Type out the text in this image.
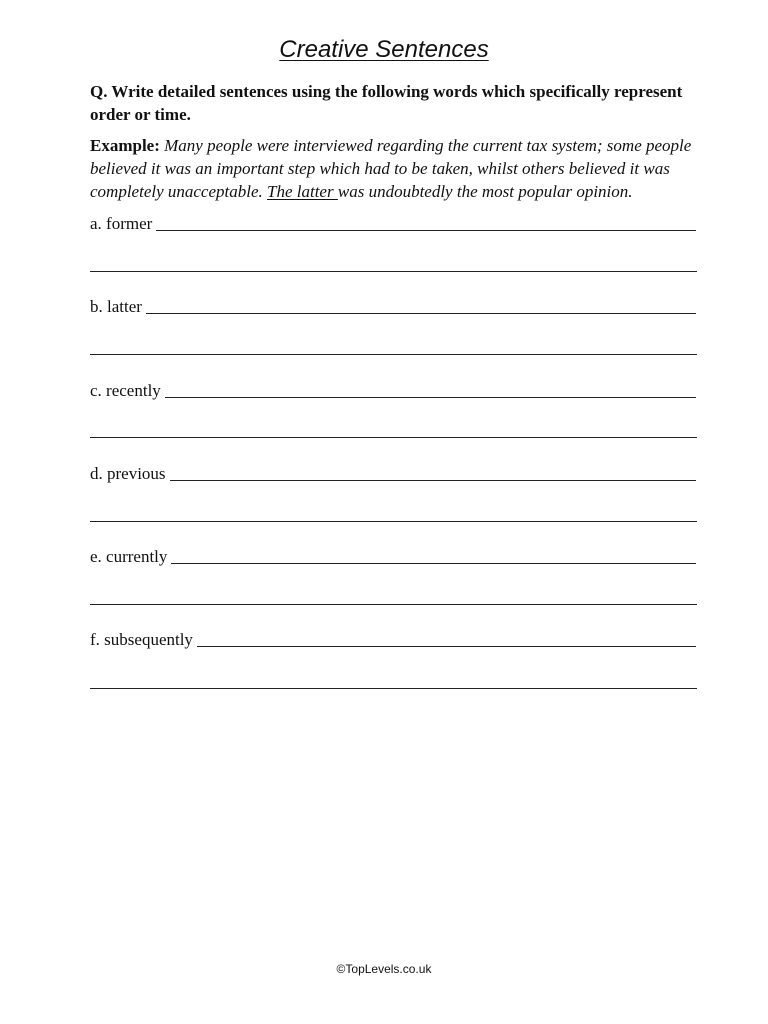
Creative Sentences
Q. Write detailed sentences using the following words which specifically represent order or time.
Example: Many people were interviewed regarding the current tax system; some people believed it was an important step which had to be taken, whilst others believed it was completely unacceptable. The latter was undoubtedly the most popular opinion.
a. former
b. latter
c. recently
d. previous
e. currently
f. subsequently
©TopLevels.co.uk
